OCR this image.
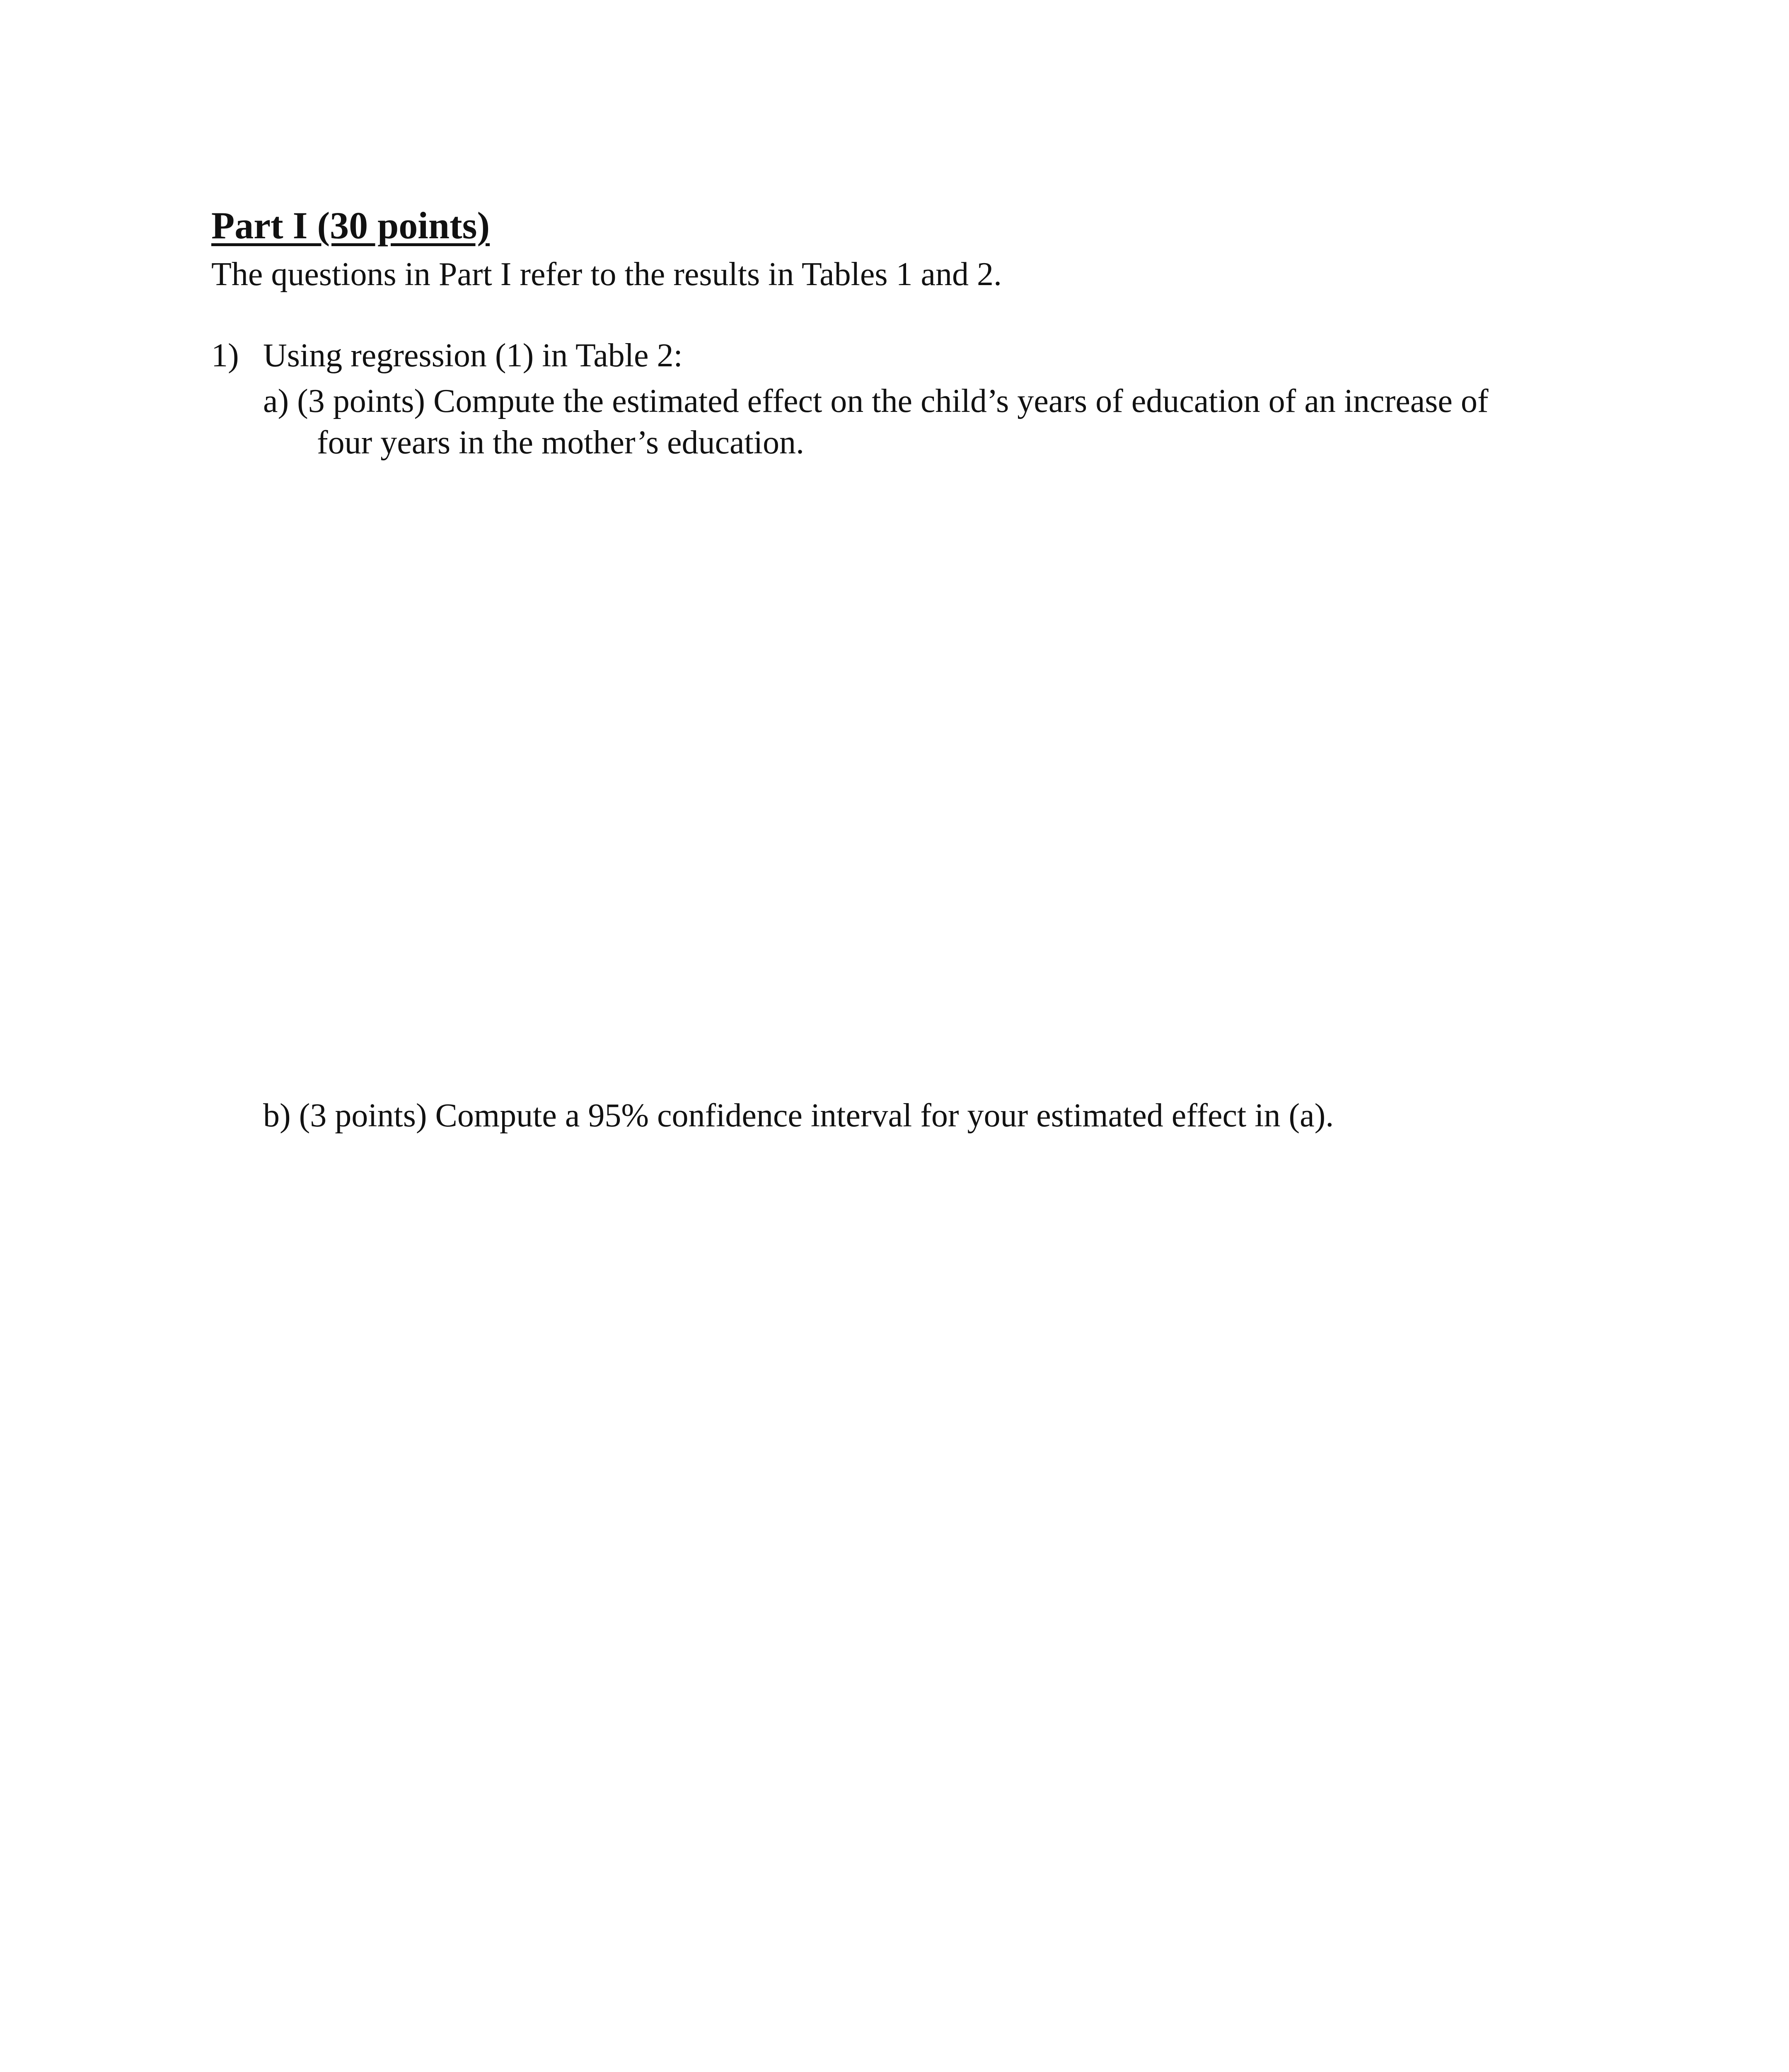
Part I (30 points)
The questions in Part I refer to the results in Tables 1 and 2.
1) Using regression (1) in Table 2:
a) (3 points) Compute the estimated effect on the child’s years of education of an increase of
four years in the mother’s education.
b) (3 points) Compute a 95% confidence interval for your estimated effect in (a).
